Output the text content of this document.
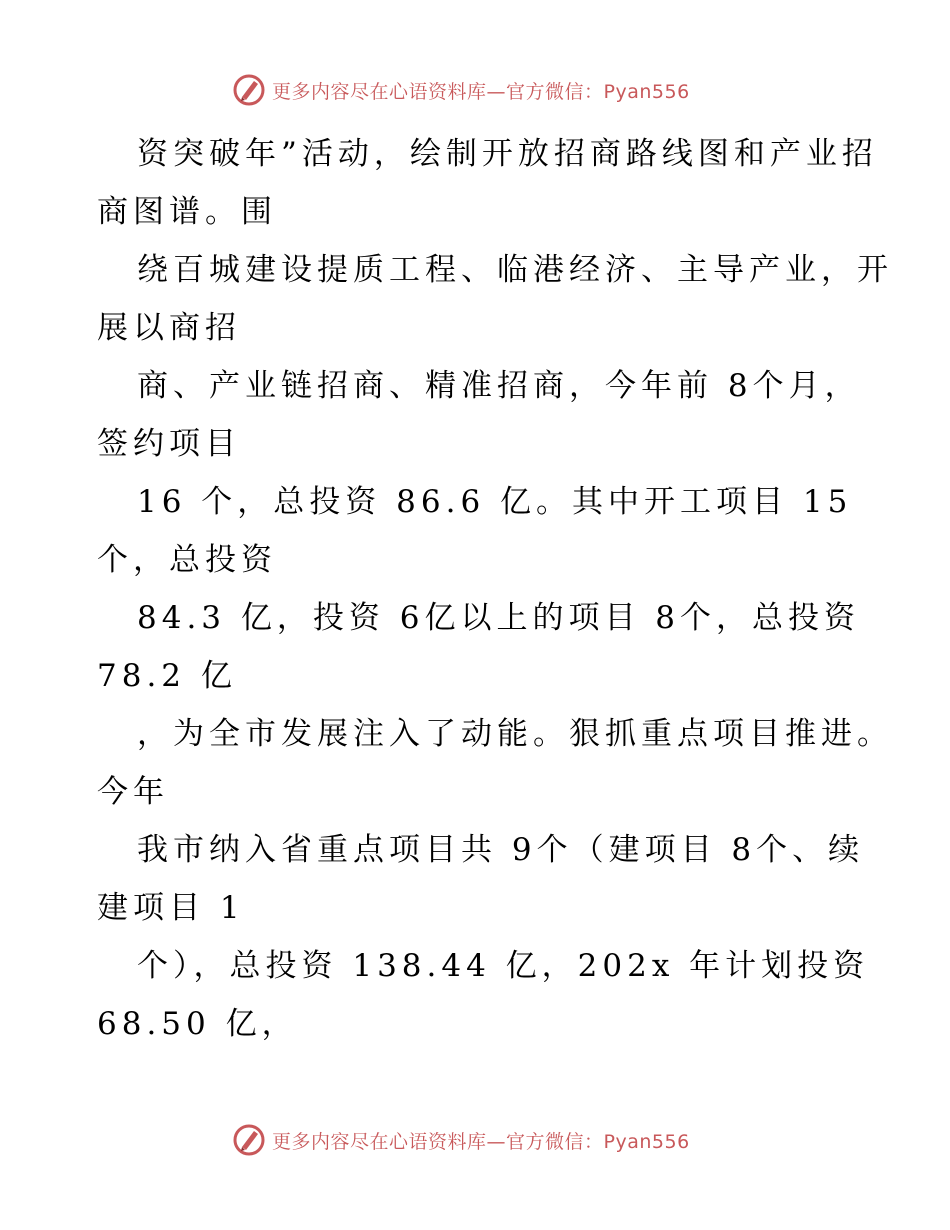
更多内容尽在心语资料库—官方微信：Pyan556
资突破年”活动，绘制开放招商路线图和产业招
商图谱。围
绕百城建设提质工程、临港经济、主导产业，开
展以商招
商、产业链招商、精准招商，今年前 8个月，
签约项目
16 个，总投资 86.6 亿。其中开工项目 15
个，总投资
84.3 亿，投资 6亿以上的项目 8个，总投资
78.2 亿
，为全市发展注入了动能。狠抓重点项目推进。
今年
我市纳入省重点项目共 9个（建项目 8个、续
建项目 1
个），总投资 138.44 亿，202x 年计划投资
68.50 亿，
更多内容尽在心语资料库—官方微信：Pyan556
